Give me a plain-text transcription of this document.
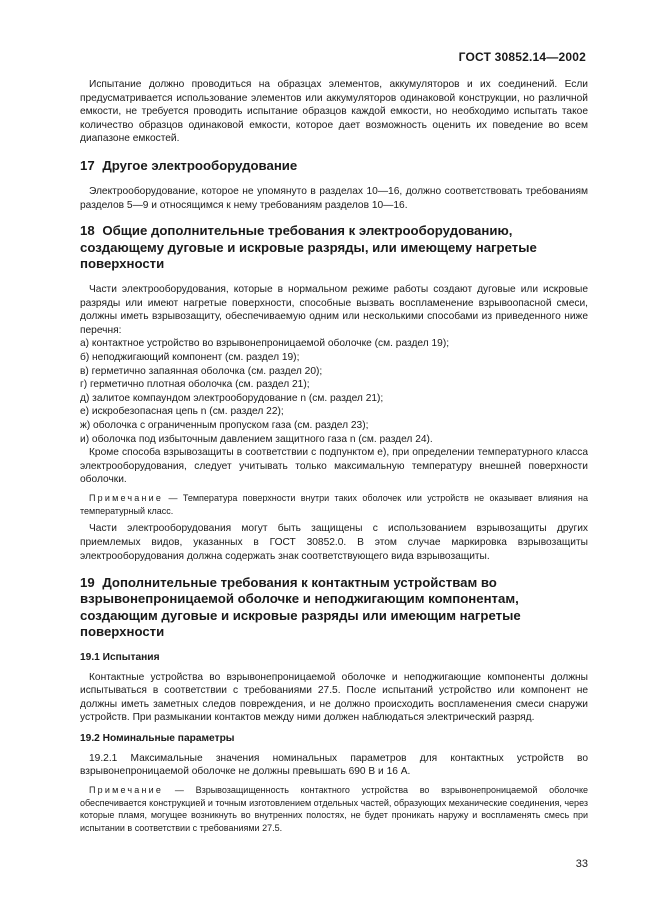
ГОСТ 30852.14—2002

Испытание должно проводиться на образцах элементов, аккумуляторов и их соединений. Если предусматривается использование элементов или аккумуляторов одинаковой конструкции, но различной емкости, не требуется проводить испытание образцов каждой емкости, но необходимо испытать такое количество образцов одинаковой емкости, которое дает возможность оценить их поведение во всем диапазоне емкостей.

17 Другое электрооборудование

Электрооборудование, которое не упомянуто в разделах 10—16, должно соответствовать требованиям разделов 5—9 и относящимся к нему требованиям разделов 10—16.

18 Общие дополнительные требования к электрооборудованию, создающему дуговые и искровые разряды, или имеющему нагретые поверхности

Части электрооборудования, которые в нормальном режиме работы создают дуговые или искровые разряды или имеют нагретые поверхности, способные вызвать воспламенение взрывоопасной смеси, должны иметь взрывозащиту, обеспечиваемую одним или несколькими способами из приведенного ниже перечня:

а) контактное устройство во взрывонепроницаемой оболочке (см. раздел 19);
б) неподжигающий компонент (см. раздел 19);
в) герметично запаянная оболочка (см. раздел 20);
г) герметично плотная оболочка (см. раздел 21);
д) залитое компаундом электрооборудование n (см. раздел 21);
е) искробезопасная цепь n (см. раздел 22);
ж) оболочка с ограниченным пропуском газа (см. раздел 23);
и) оболочка под избыточным давлением защитного газа n (см. раздел 24).

Кроме способа взрывозащиты в соответствии с подпунктом е), при определении температурного класса электрооборудования, следует учитывать только максимальную температуру внешней поверхности оболочки.

Примечание — Температура поверхности внутри таких оболочек или устройств не оказывает влияния на температурный класс.

Части электрооборудования могут быть защищены с использованием взрывозащиты других приемлемых видов, указанных в ГОСТ 30852.0. В этом случае маркировка взрывозащиты электрооборудования должна содержать знак соответствующего вида взрывозащиты.

19 Дополнительные требования к контактным устройствам во взрывонепроницаемой оболочке и неподжигающим компонентам, создающим дуговые и искровые разряды или имеющим нагретые поверхности
19.1 Испытания

Контактные устройства во взрывонепроницаемой оболочке и неподжигающие компоненты должны испытываться в соответствии с требованиями 27.5. После испытаний устройство или компонент не должны иметь заметных следов повреждения, и не должно происходить воспламенения смеси снаружи устройств. При размыкании контактов между ними должен наблюдаться электрический разряд.

19.2 Номинальные параметры

19.2.1 Максимальные значения номинальных параметров для контактных устройств во взрывонепроницаемой оболочке не должны превышать 690 В и 16 А.

Примечание — Взрывозащищенность контактного устройства во взрывонепроницаемой оболочке обеспечивается конструкцией и точным изготовлением отдельных частей, образующих механические соединения, через которые пламя, могущее возникнуть во внутренних полостях, не будет проникать наружу и воспламенять смесь при испытании в соответствии с требованиями 27.5.

33
